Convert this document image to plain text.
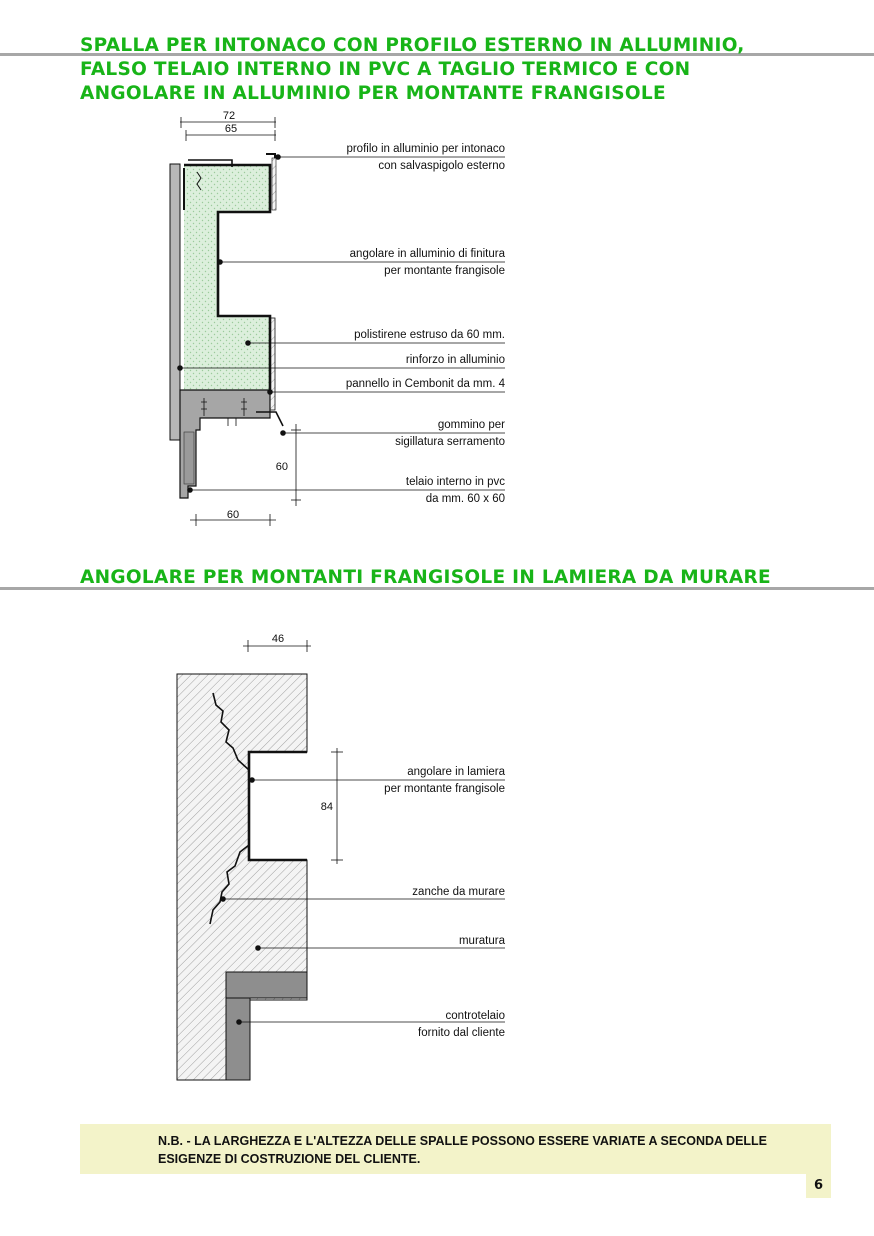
SPALLA PER INTONACO CON PROFILO ESTERNO IN ALLUMINIO,
FALSO TELAIO INTERNO IN PVC A TAGLIO TERMICO E CON
ANGOLARE IN ALLUMINIO PER MONTANTE FRANGISOLE
ANGOLARE PER MONTANTI FRANGISOLE IN LAMIERA DA MURARE
72
65
60
60
profilo in alluminio per intonaco
con salvaspigolo esterno
angolare in alluminio di finitura
per montante frangisole
polistirene estruso da 60 mm.
rinforzo in alluminio
pannello in Cembonit da mm. 4
gommino per
sigillatura serramento
telaio interno in pvc
da mm. 60 x 60
46
84
angolare in lamiera
per montante frangisole
zanche da murare
muratura
controtelaio
fornito dal cliente

N.B. - LA LARGHEZZA E L'ALTEZZA DELLE SPALLE POSSONO ESSERE VARIATE A SECONDA DELLE ESIGENZE DI COSTRUZIONE DEL CLIENTE.

6
